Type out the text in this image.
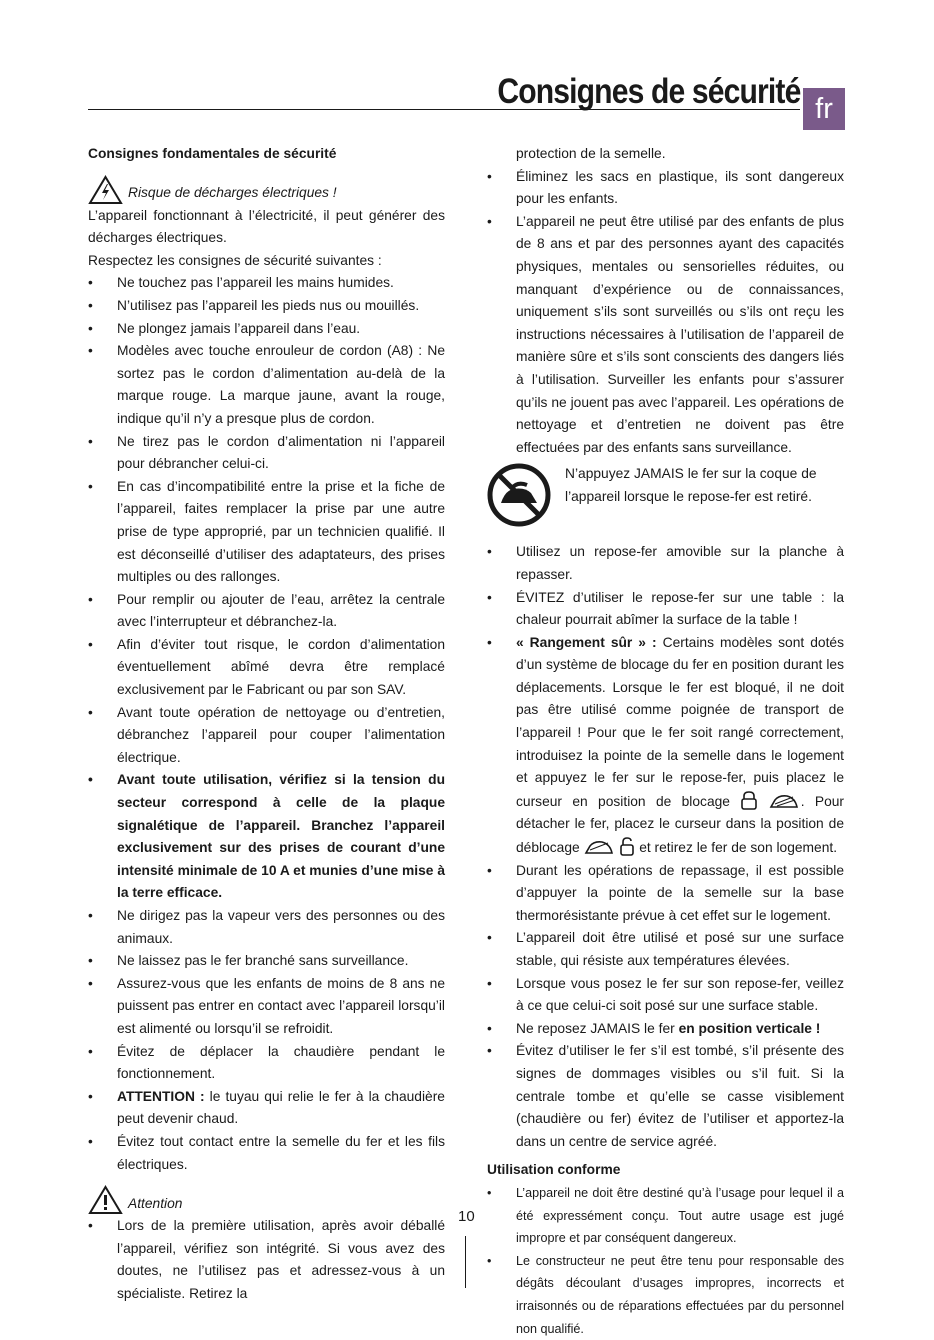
Consignes de sécurité fr

Consignes fondamentales de sécurité

Risque de décharges électriques !

L’appareil fonctionnant à l’électricité, il peut générer des décharges électriques.

Respectez les consignes de sécurité suivantes :

• Ne touchez pas l’appareil les mains humides.
• N’utilisez pas l’appareil les pieds nus ou mouillés.
• Ne plongez jamais l’appareil dans l’eau.
• Modèles avec touche enrouleur de cordon (A8) : Ne sortez pas le cordon d’alimentation au-delà de la marque rouge. La marque jaune, avant la rouge, indique qu’il n’y a presque plus de cordon.
• Ne tirez pas le cordon d’alimentation ni l’appareil pour débrancher celui-ci.
• En cas d’incompatibilité entre la prise et la fiche de l’appareil, faites remplacer la prise par une autre prise de type approprié, par un technicien qualifié. Il est déconseillé d’utiliser des adaptateurs, des prises multiples ou des rallonges.
• Pour remplir ou ajouter de l’eau, arrêtez la centrale avec l’interrupteur et débranchez-la.
• Afin d’éviter tout risque, le cordon d’alimentation éventuellement abîmé devra être remplacé exclusivement par le Fabricant ou par son SAV.
• Avant toute opération de nettoyage ou d’entretien, débranchez l’appareil pour couper l’alimentation électrique.
• Avant toute utilisation, vérifiez si la tension du secteur correspond à celle de la plaque signalétique de l’appareil. Branchez l’appareil exclusivement sur des prises de courant d’une intensité minimale de 10 A et munies d’une mise à la terre efficace.
• Ne dirigez pas la vapeur vers des personnes ou des animaux.
• Ne laissez pas le fer branché sans surveillance.
• Assurez-vous que les enfants de moins de 8 ans ne puissent pas entrer en contact avec l’appareil lorsqu’il est alimenté ou lorsqu’il se refroidit.
• Évitez de déplacer la chaudière pendant le fonctionnement.
• ATTENTION : le tuyau qui relie le fer à la chaudière peut devenir chaud.
• Évitez tout contact entre la semelle du fer et les fils électriques.
Attention
• Lors de la première utilisation, après avoir déballé l’appareil, vérifiez son intégrité. Si vous avez des doutes, ne l’utilisez pas et adressez-vous à un spécialiste. Retirez la

protection de la semelle.

• Éliminez les sacs en plastique, ils sont dangereux pour les enfants.
• L’appareil ne peut être utilisé par des enfants de plus de 8 ans et par des personnes ayant des capacités physiques, mentales ou sensorielles réduites, ou manquant d’expérience ou de connaissances, uniquement s’ils sont surveillés ou s’ils ont reçu les instructions nécessaires à l’utilisation de l’appareil de manière sûre et s’ils sont conscients des dangers liés à l’utilisation. Surveiller les enfants pour s’assurer qu’ils ne jouent pas avec l’appareil. Les opérations de nettoyage et d’entretien ne doivent pas être effectuées par des enfants sans surveillance.

N’appuyez JAMAIS le fer sur la coque de l’appareil lorsque le repose-fer est retiré.

• Utilisez un repose-fer amovible sur la planche à repasser.
• ÉVITEZ d’utiliser le repose-fer sur une table : la chaleur pourrait abîmer la surface de la table !
• « Rangement sûr » : Certains modèles sont dotés d’un système de blocage du fer en position durant les déplacements. Lorsque le fer est bloqué, il ne doit pas être utilisé comme poignée de transport de l’appareil ! Pour que le fer soit rangé correctement, introduisez la pointe de la semelle dans le logement et appuyez le fer sur le repose-fer, puis placez le curseur en position de blocage	. Pour détacher le fer, placez le curseur dans la position de déblocage	et retirez le fer de son logement.
• Durant les opérations de repassage, il est possible d’appuyer la pointe de la semelle sur la base thermorésistante prévue à cet effet sur le logement.
• L’appareil doit être utilisé et posé sur une surface stable, qui résiste aux températures élevées.
• Lorsque vous posez le fer sur son repose-fer, veillez à ce que celui-ci soit posé sur une surface stable.
• Ne reposez JAMAIS le fer en position verticale !
• Évitez d’utiliser le fer s’il est tombé, s’il présente des signes de dommages visibles ou s’il fuit. Si la centrale tombe et qu’elle se casse visiblement (chaudière ou fer) évitez de l’utiliser et apportez-la dans un centre de service agréé.

Utilisation conforme

• L’appareil ne doit être destiné qu’à l’usage pour lequel il a été expressément conçu. Tout autre usage est jugé impropre et par conséquent dangereux.
• Le constructeur ne peut être tenu pour responsable des dégâts découlant d’usages impropres, incorrects et irraisonnés ou de réparations effectuées par du personnel non qualifié.
10
